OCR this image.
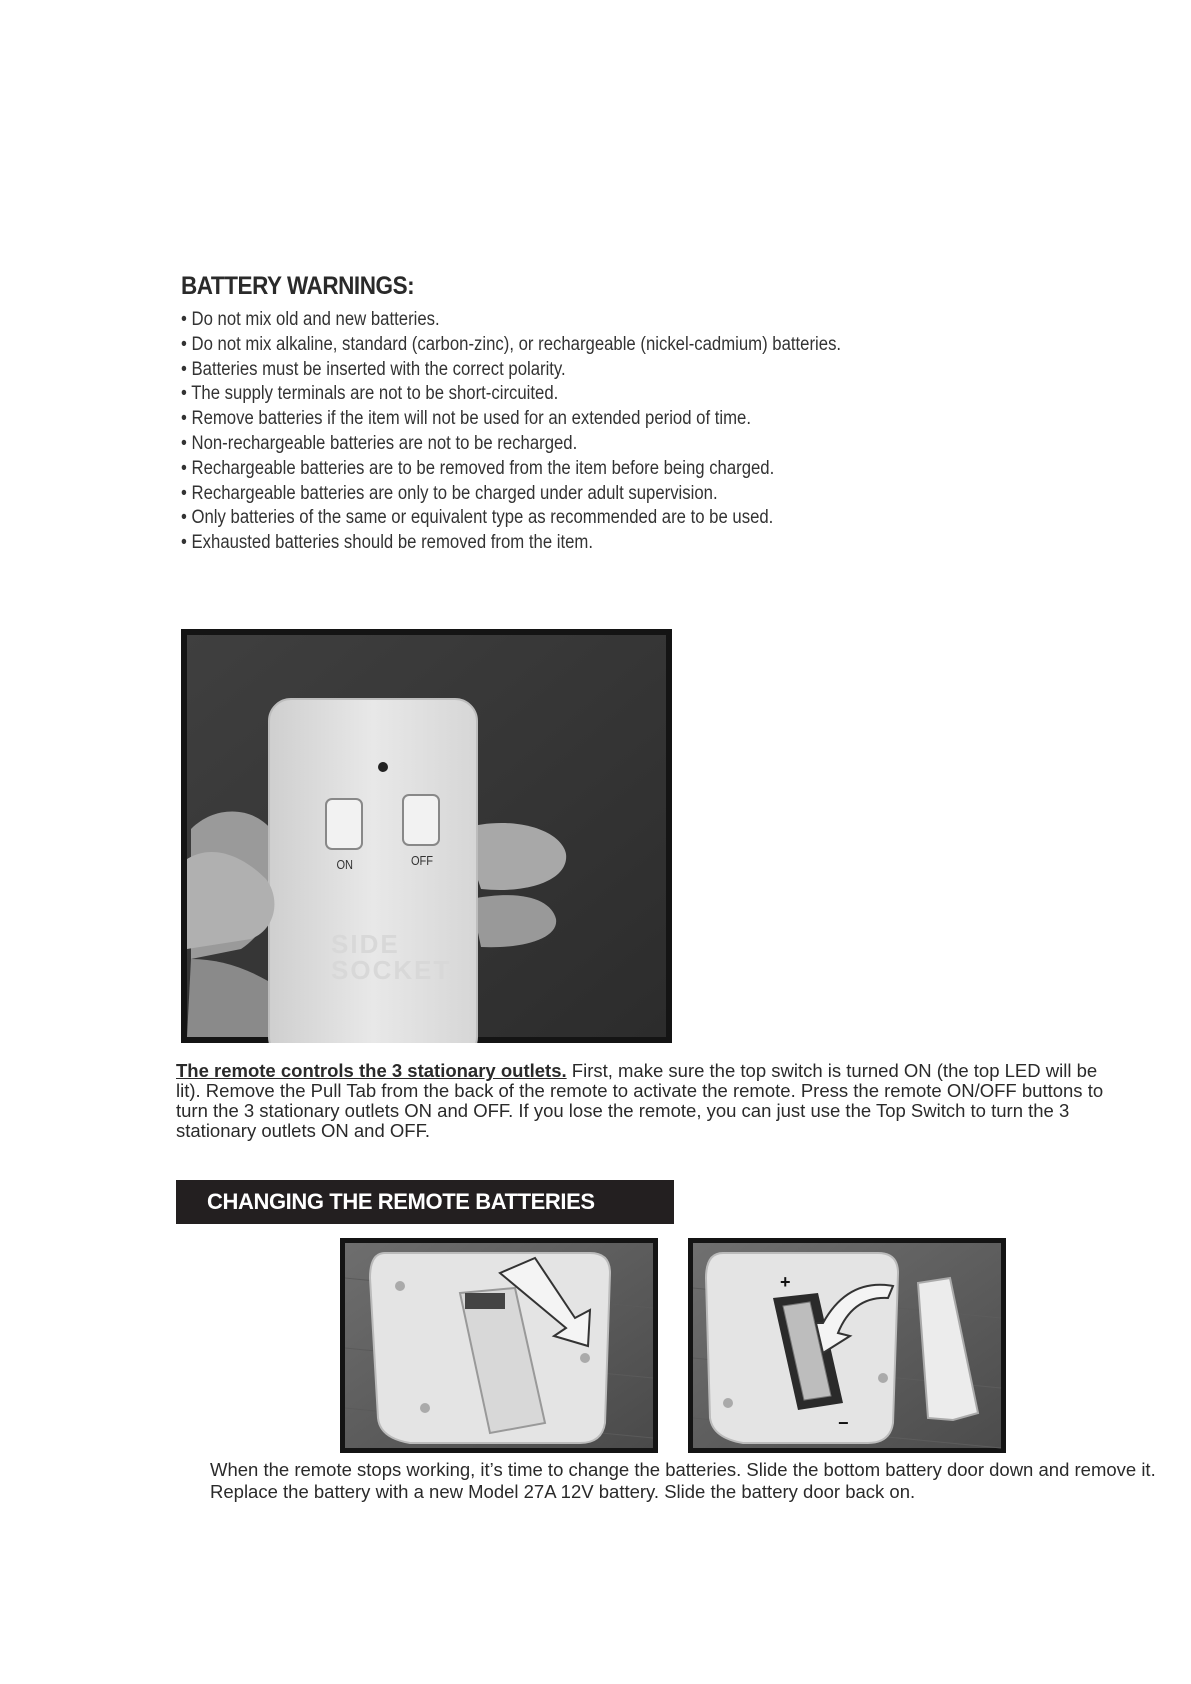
BATTERY WARNINGS:
• Do not mix old and new batteries.
• Do not mix alkaline, standard (carbon-zinc), or rechargeable (nickel-cadmium) batteries.
• Batteries must be inserted with the correct polarity.
• The supply terminals are not to be short-circuited.
• Remove batteries if the item will not be used for an extended period of time.
• Non-rechargeable batteries are not to be recharged.
• Rechargeable batteries are to be removed from the item before being charged.
• Rechargeable batteries are only to be charged under adult supervision.
• Only batteries of the same or equivalent type as recommended are to be used.
• Exhausted batteries should be removed from the item.
ON	OFF
SIDE
SOCKET

The remote controls the 3 stationary outlets. First, make sure the top switch is turned ON (the top LED will be lit). Remove the Pull Tab from the back of the remote to activate the remote. Press the remote ON/OFF buttons to turn the 3 stationary outlets ON and OFF. If you lose the remote, you can just use the Top Switch to turn the 3 stationary outlets ON and OFF.

CHANGING THE REMOTE BATTERIES
+
−

When the remote stops working, it’s time to change the batteries. Slide the bottom battery door down and remove it. Replace the battery with a new Model 27A 12V battery. Slide the battery door back on.
